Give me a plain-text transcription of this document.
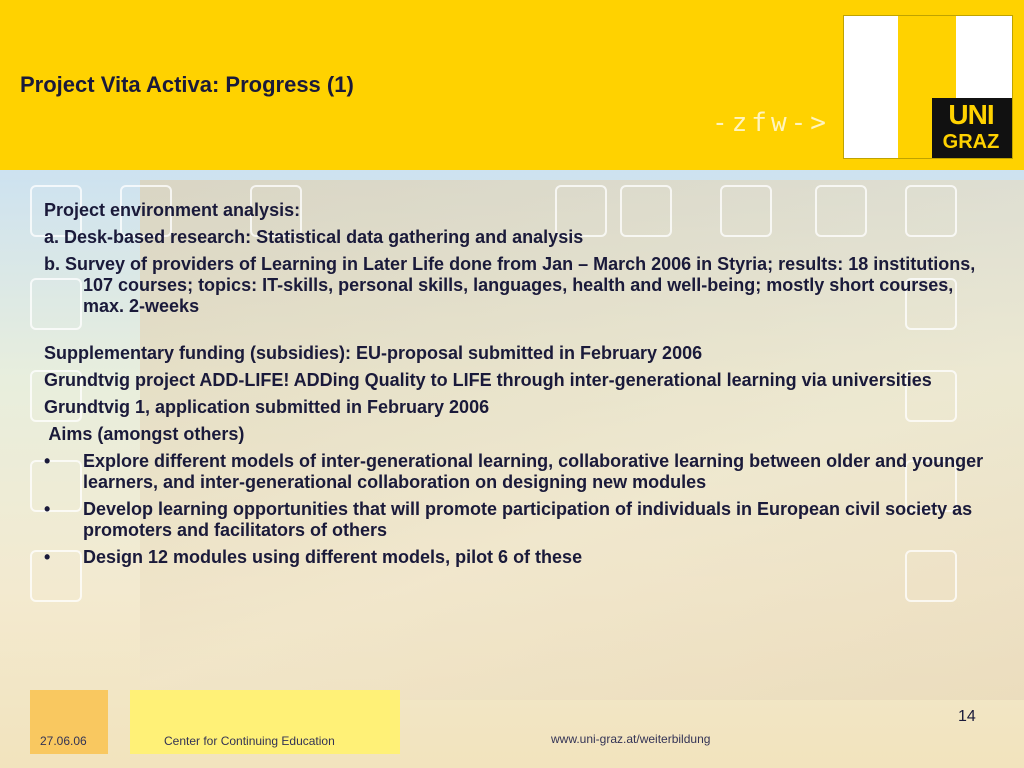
Project Vita Activa: Progress (1)
-zfw->	UNI
GRAZ

Project environment analysis:

a. Desk-based research: Statistical data gathering and analysis

b. Survey of providers of Learning in Later Life done from Jan – March 2006 in Styria; results: 18 institutions, 107 courses; topics: IT-skills, personal skills, languages, health and well-being; mostly short courses, max. 2-weeks

Supplementary funding (subsidies): EU-proposal submitted in February 2006

Grundtvig project ADD-LIFE! ADDing Quality to LIFE through inter-generational learning via universities

Grundtvig 1, application submitted in February 2006

Aims (amongst others)

•	Explore different models of inter-generational learning, collaborative learning between older and younger learners, and inter-generational collaboration on designing new modules
•	Develop learning opportunities that will promote participation of individuals in European civil society as promoters and facilitators of others
•	Design 12 modules using different models, pilot 6 of these
27.06.06	Center for Continuing Education	www.uni-graz.at/weiterbildung
14
